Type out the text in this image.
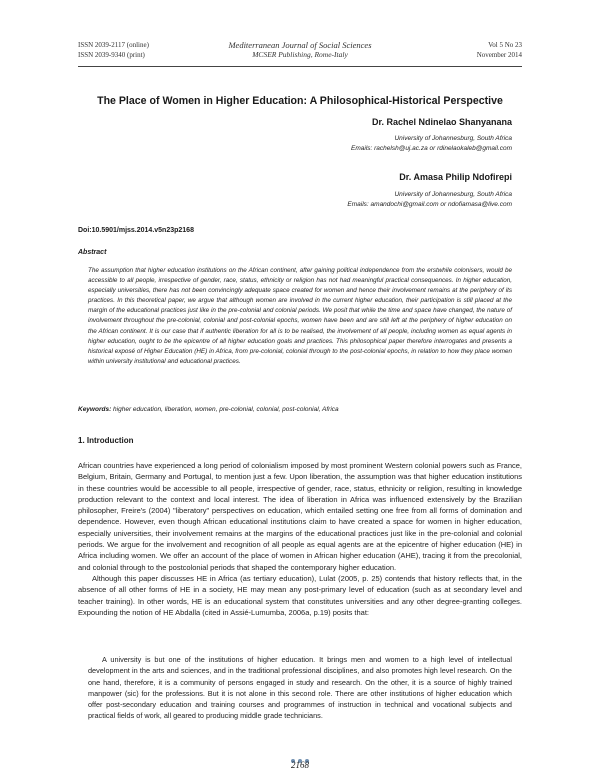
ISSN 2039-2117 (online)
ISSN 2039-9340 (print)
Mediterranean Journal of Social Sciences
MCSER Publishing, Rome-Italy
Vol 5 No 23
November 2014
The Place of Women in Higher Education: A Philosophical-Historical Perspective
Dr. Rachel Ndinelao Shanyanana
University of Johannesburg, South Africa
Emails: rachelsh@uj.ac.za or rdinelaokaleb@gmail.com
Dr. Amasa Philip Ndofirepi
University of Johannesburg, South Africa
Emails: amandochi@gmail.com or ndofiamasa@live.com
Doi:10.5901/mjss.2014.v5n23p2168
Abstract
The assumption that higher education institutions on the African continent, after gaining political independence from the erstwhile colonisers, would be accessible to all people, irrespective of gender, race, status, ethnicity or religion has not had meaningful practical consequences. In higher education, especially universities, there has not been convincingly adequate space created for women and hence their involvement remains at the periphery of its practices. In this theoretical paper, we argue that although women are involved in the current higher education, their participation is still placed at the margin of the educational practices just like in the pre-colonial and colonial periods. We posit that while the time and space have changed, the nature of involvement throughout the pre-colonial, colonial and post-colonial epochs, women have been and are still left at the periphery of higher education on the African continent. It is our case that if authentic liberation for all is to be realised, the involvement of all people, including women as equal agents in higher education, ought to be the epicentre of all higher education goals and practices. This philosophical paper therefore interrogates and presents a historical exposé of Higher Education (HE) in Africa, from pre-colonial, colonial through to the post-colonial epochs, in relation to how they place women within university institutional and educational practices.
Keywords: higher education, liberation, women, pre-colonial, colonial, post-colonial, Africa
1. Introduction

African countries have experienced a long period of colonialism imposed by most prominent Western colonial powers such as France, Belgium, Britain, Germany and Portugal, to mention just a few. Upon liberation, the assumption was that higher education institutions in these countries would be accessible to all people, irrespective of gender, race, status, ethnicity or religion, resulting in knowledge production relevant to the context and local interest. The idea of liberation in Africa was influenced extensively by the Brazilian philosopher, Freire's (2004) "liberatory" perspectives on education, which entailed setting one free from all forms of domination and dependence. However, even though African educational institutions claim to have created a space for women in higher education, especially universities, their involvement remains at the margins of the educational practices just like in the pre-colonial and colonial periods. We argue for the involvement and recognition of all people as equal agents are at the epicentre of higher education (HE) in Africa including women. We offer an account of the place of women in African higher education (AHE), tracing it from the precolonial, and colonial through to the postcolonial periods that shaped the contemporary higher education.

Although this paper discusses HE in Africa (as tertiary education), Lulat (2005, p. 25) contends that history reflects that, in the absence of all other forms of HE in a society, HE may mean any post-primary level of education (such as at secondary level and teacher training). In other words, HE is an educational system that constitutes universities and any other degree-granting colleges. Expounding the notion of HE Abdalla (cited in Assié-Lumumba, 2006a, p.19) posits that:

A university is but one of the institutions of higher education. It brings men and women to a high level of intellectual development in the arts and sciences, and in the traditional professional disciplines, and also promotes high level research. On the one hand, therefore, it is a community of persons engaged in study and research. On the other, it is a source of highly trained manpower (sic) for the professions. But it is not alone in this second role. There are other institutions of higher education which offer post-secondary education and training courses and programmes of instruction in technical and vocational subjects and practical fields of work, all geared to producing middle grade technicians.
2168
